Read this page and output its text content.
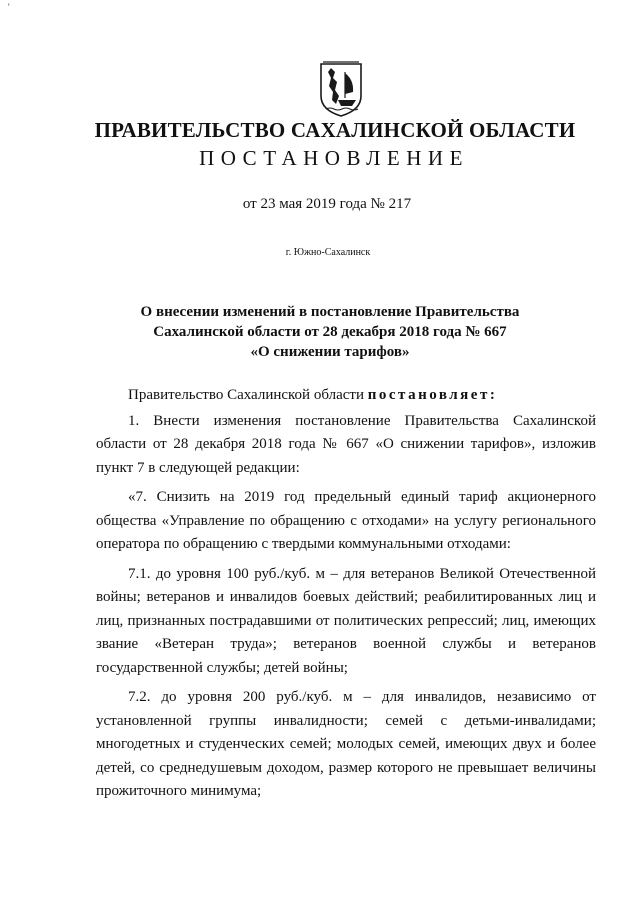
'
ПРАВИТЕЛЬСТВО САХАЛИНСКОЙ ОБЛАСТИ
ПОСТАНОВЛЕНИЕ
от 23 мая 2019 года № 217
г. Южно-Сахалинск
О внесении изменений в постановление Правительства
Сахалинской области от 28 декабря 2018 года № 667
«О снижении тарифов»
Правительство Сахалинской области постановляет:

1. Внести изменения постановление Правительства Сахалинской области от 28 декабря 2018 года № 667 «О снижении тарифов», изложив пункт 7 в следующей редакции:

«7. Снизить на 2019 год предельный единый тариф акционерного общества «Управление по обращению с отходами» на услугу регионального оператора по обращению с твердыми коммунальными отходами:

7.1. до уровня 100 руб./куб. м – для ветеранов Великой Отечественной войны; ветеранов и инвалидов боевых действий; реабилитированных лиц и лиц, признанных пострадавшими от политических репрессий; лиц, имеющих звание «Ветеран труда»; ветеранов военной службы и ветеранов государственной службы; детей войны;

7.2. до уровня 200 руб./куб. м – для инвалидов, независимо от установленной группы инвалидности; семей с детьми-инвалидами; многодетных и студенческих семей; молодых семей, имеющих двух и более детей, со среднедушевым доходом, размер которого не превышает величины прожиточного минимума;
